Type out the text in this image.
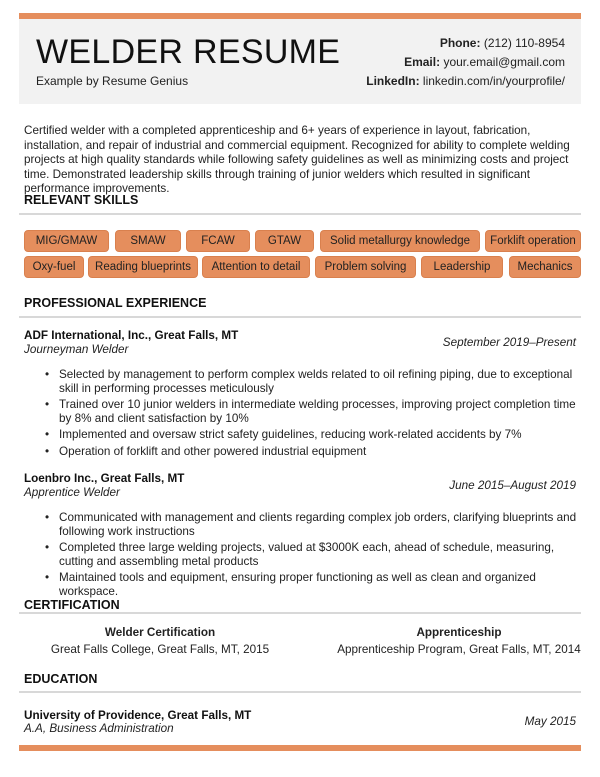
WELDER RESUME
Example by Resume Genius
Phone: (212) 110-8954
Email: your.email@gmail.com
LinkedIn: linkedin.com/in/yourprofile/
Certified welder with a completed apprenticeship and 6+ years of experience in layout, fabrication, installation, and repair of industrial and commercial equipment. Recognized for ability to complete welding projects at high quality standards while following safety guidelines as well as minimizing costs and project time. Demonstrated leadership skills through training of junior welders which resulted in significant performance improvements.
RELEVANT SKILLS
MIG/GMAW	SMAW	FCAW	GTAW	Solid metallurgy knowledge	Forklift operation
Oxy-fuel	Reading blueprints	Attention to detail	Problem solving	Leadership	Mechanics
PROFESSIONAL EXPERIENCE
ADF International, Inc., Great Falls, MT
Journeyman Welder
September 2019–Present
• Selected by management to perform complex welds related to oil refining piping, due to exceptional skill in performing processes meticulously
• Trained over 10 junior welders in intermediate welding processes, improving project completion time by 8% and client satisfaction by 10%
• Implemented and oversaw strict safety guidelines, reducing work-related accidents by 7%
• Operation of forklift and other powered industrial equipment
Loenbro Inc., Great Falls, MT
Apprentice Welder
June 2015–August 2019
• Communicated with management and clients regarding complex job orders, clarifying blueprints and following work instructions
• Completed three large welding projects, valued at $3000K each, ahead of schedule, measuring, cutting and assembling metal products
• Maintained tools and equipment, ensuring proper functioning as well as clean and organized workspace.
CERTIFICATION
Welder Certification
Great Falls College, Great Falls, MT, 2015
Apprenticeship
Apprenticeship Program, Great Falls, MT, 2014
EDUCATION
University of Providence, Great Falls, MT
A.A, Business Administration
May 2015
